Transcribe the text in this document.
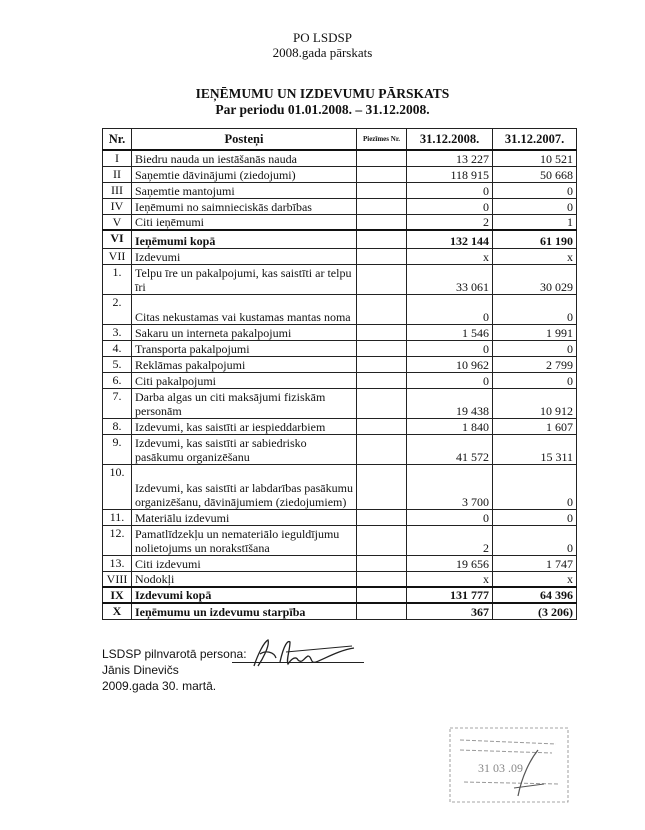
PO LSDSP
2008.gada pārskats
IEŅĒMUMU UN IZDEVUMU PĀRSKATS
Par periodu 01.01.2008. – 31.12.2008.
Nr.	Posteņi	Piezīmes Nr.	31.12.2008.	31.12.2007.
I	Biedru nauda un iestāšanās nauda		13 227	10 521
II	Saņemtie dāvinājumi (ziedojumi)		118 915	50 668
III	Saņemtie mantojumi		0	0
IV	Ieņēmumi no saimnieciskās darbības		0	0
V	Citi ieņēmumi		2	1
VI	Ieņēmumi kopā		132 144	61 190
VII	Izdevumi		x	x
1.	Telpu īre un pakalpojumi, kas saistīti ar telpu īri		33 061	30 029
2.	Citas nekustamas vai kustamas mantas noma		0	0
3.	Sakaru un interneta pakalpojumi		1 546	1 991
4.	Transporta pakalpojumi		0	0
5.	Reklāmas pakalpojumi		10 962	2 799
6.	Citi pakalpojumi		0	0
7.	Darba algas un citi maksājumi fiziskām personām		19 438	10 912
8.	Izdevumi, kas saistīti ar iespieddarbiem		1 840	1 607
9.	Izdevumi, kas saistīti ar sabiedrisko pasākumu organizēšanu		41 572	15 311
10.	Izdevumi, kas saistīti ar labdarības pasākumu organizēšanu, dāvinājumiem (ziedojumiem)		3 700	0
11.	Materiālu izdevumi		0	0
12.	Pamatlīdzekļu un nemateriālo ieguldījumu nolietojums un norakstīšana		2	0
13.	Citi izdevumi		19 656	1 747
VIII	Nodokļi		x	x
IX	Izdevumi kopā		131 777	64 396
X	Ieņēmumu un izdevumu starpība		367	(3 206)
LSDSP pilnvarotā persona:
Jānis Dinevičs
2009.gada 30. martā.
31 03 .09
